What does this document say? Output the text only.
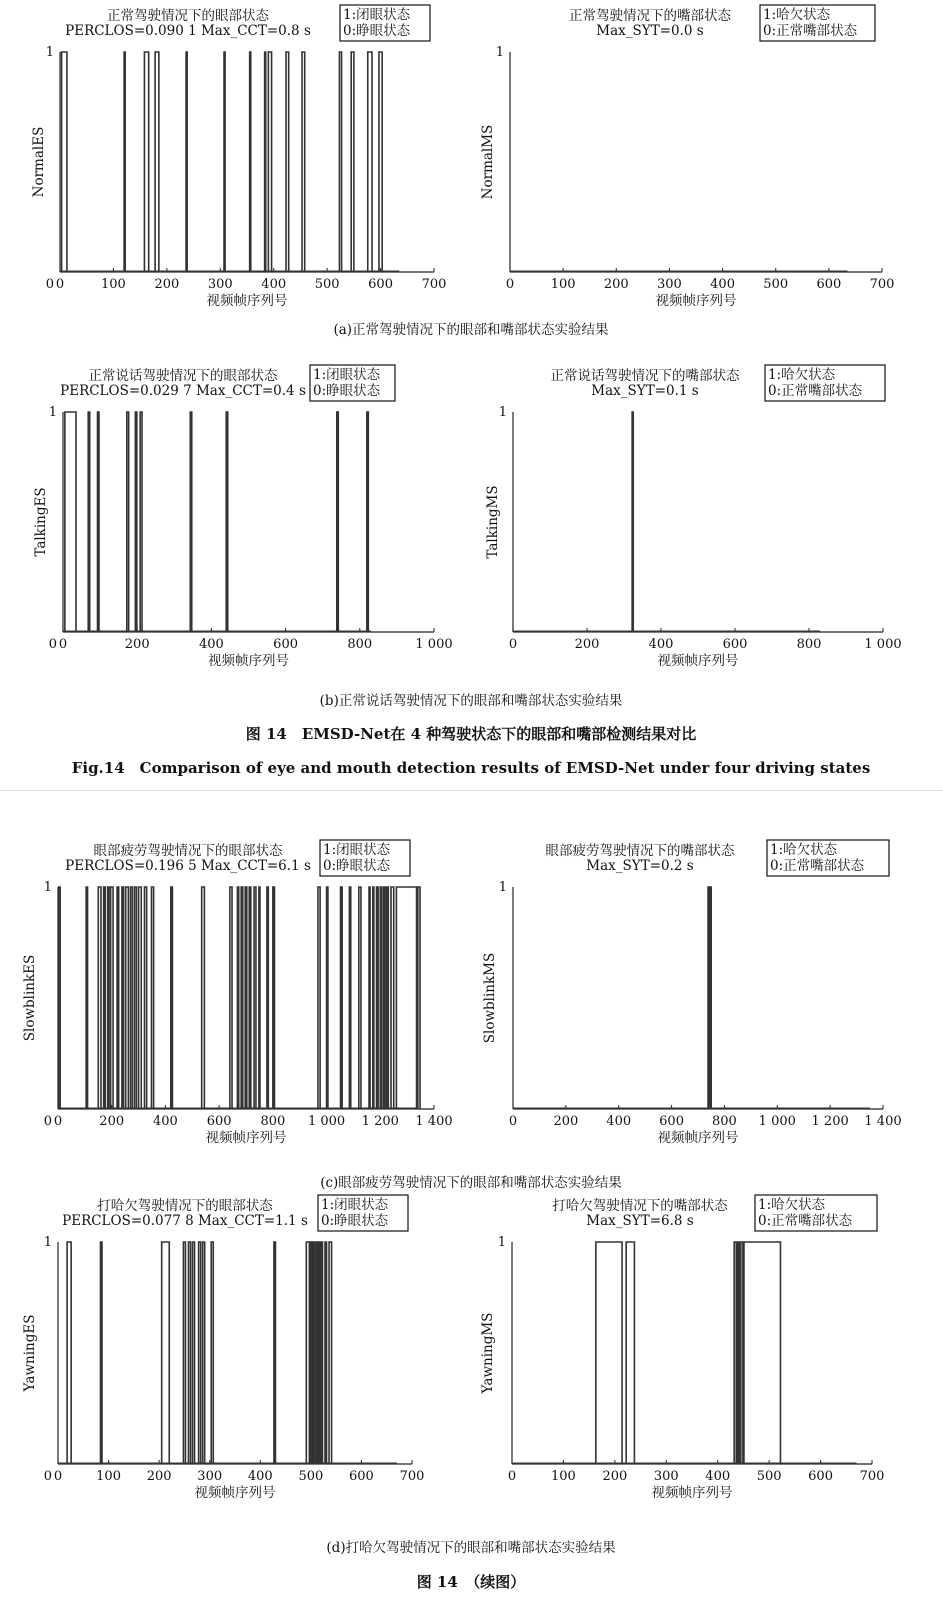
正常驾驶情况下的眼部状态
PERCLOS=0.090 1 Max_CCT=0.8 s
1:闭眼状态
0:睁眼状态
0	100 200 300 400 500 600 700
0
1
视频帧序列号
NormalES
正常驾驶情况下的嘴部状态
Max_SYT=0.0 s
1:哈欠状态
0:正常嘴部状态
0	100 200 300 400 500 600 700
1
视频帧序列号
NormalMS
正常说话驾驶情况下的眼部状态
PERCLOS=0.029 7 Max_CCT=0.4 s
1:闭眼状态
0:睁眼状态
0	200	400	600	800	1 000
0
1
视频帧序列号
TalkingES
正常说话驾驶情况下的嘴部状态
Max_SYT=0.1 s
1:哈欠状态
0:正常嘴部状态
0	200	400	600	800	1 000
1
视频帧序列号
TalkingMS
眼部疲劳驾驶情况下的眼部状态
PERCLOS=0.196 5 Max_CCT=6.1 s
1:闭眼状态
0:睁眼状态
0	200 400 600 800 1 000 1 200 1 400
0
1
视频帧序列号
SlowblinkES
眼部疲劳驾驶情况下的嘴部状态
Max_SYT=0.2 s
1:哈欠状态
0:正常嘴部状态
0	200 400 600 800 1 000 1 200 1 400
1
视频帧序列号
SlowblinkMS
打哈欠驾驶情况下的眼部状态
PERCLOS=0.077 8 Max_CCT=1.1 s
1:闭眼状态
0:睁眼状态
0	100 200 300 400 500 600 700
0
1
视频帧序列号
YawningES
打哈欠驾驶情况下的嘴部状态
Max_SYT=6.8 s
1:哈欠状态
0:正常嘴部状态
0	100 200 300 400 500 600 700
1
视频帧序列号
YawningMS
(a)正常驾驶情况下的眼部和嘴部状态实验结果
(b)正常说话驾驶情况下的眼部和嘴部状态实验结果
图 14　EMSD-Net在 4 种驾驶状态下的眼部和嘴部检测结果对比
Fig.14　Comparison of eye and mouth detection results of EMSD-Net under four driving states
(c)眼部疲劳驾驶情况下的眼部和嘴部状态实验结果
(d)打哈欠驾驶情况下的眼部和嘴部状态实验结果
图 14　（续图）
